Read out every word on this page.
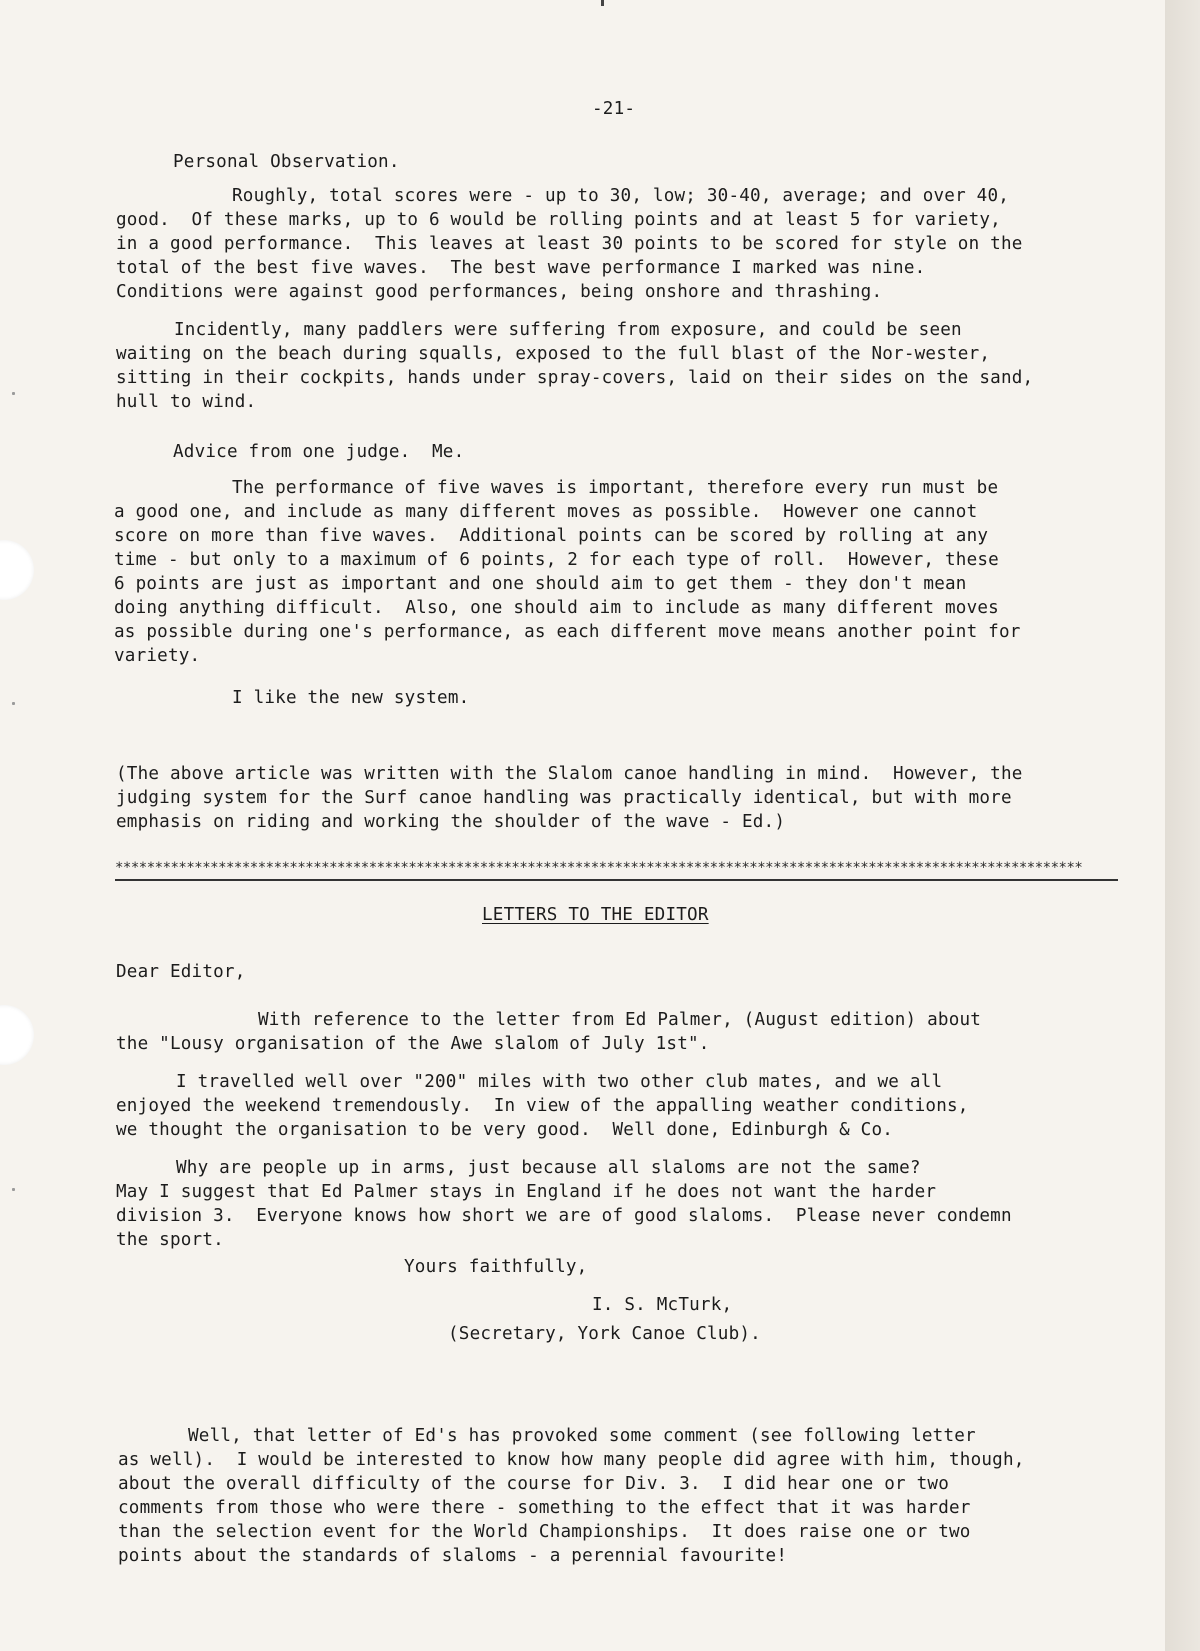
-21-
Personal Observation.
Roughly, total scores were - up to 30, low; 30-40, average; and over 40,
good.  Of these marks, up to 6 would be rolling points and at least 5 for variety,
in a good performance.  This leaves at least 30 points to be scored for style on the
total of the best five waves.  The best wave performance I marked was nine.
Conditions were against good performances, being onshore and thrashing.
Incidently, many paddlers were suffering from exposure, and could be seen
waiting on the beach during squalls, exposed to the full blast of the Nor-wester,
sitting in their cockpits, hands under spray-covers, laid on their sides on the sand,
hull to wind.
Advice from one judge.  Me.
The performance of five waves is important, therefore every run must be
a good one, and include as many different moves as possible.  However one cannot
score on more than five waves.  Additional points can be scored by rolling at any
time - but only to a maximum of 6 points, 2 for each type of roll.  However, these
6 points are just as important and one should aim to get them - they don't mean
doing anything difficult.  Also, one should aim to include as many different moves
as possible during one's performance, as each different move means another point for
variety.
I like the new system.
(The above article was written with the Slalom canoe handling in mind.  However, the
judging system for the Surf canoe handling was practically identical, but with more
emphasis on riding and working the shoulder of the wave - Ed.)
**************************************************************************************************************************
LETTERS TO THE EDITOR
Dear Editor,
With reference to the letter from Ed Palmer, (August edition) about
the "Lousy organisation of the Awe slalom of July 1st".
I travelled well over "200" miles with two other club mates, and we all
enjoyed the weekend tremendously.  In view of the appalling weather conditions,
we thought the organisation to be very good.  Well done, Edinburgh & Co.
Why are people up in arms, just because all slaloms are not the same?
May I suggest that Ed Palmer stays in England if he does not want the harder
division 3.  Everyone knows how short we are of good slaloms.  Please never condemn
the sport.
Yours faithfully,
I. S. McTurk,
(Secretary, York Canoe Club).
Well, that letter of Ed's has provoked some comment (see following letter
as well).  I would be interested to know how many people did agree with him, though,
about the overall difficulty of the course for Div. 3.  I did hear one or two
comments from those who were there - something to the effect that it was harder
than the selection event for the World Championships.  It does raise one or two
points about the standards of slaloms - a perennial favourite!
